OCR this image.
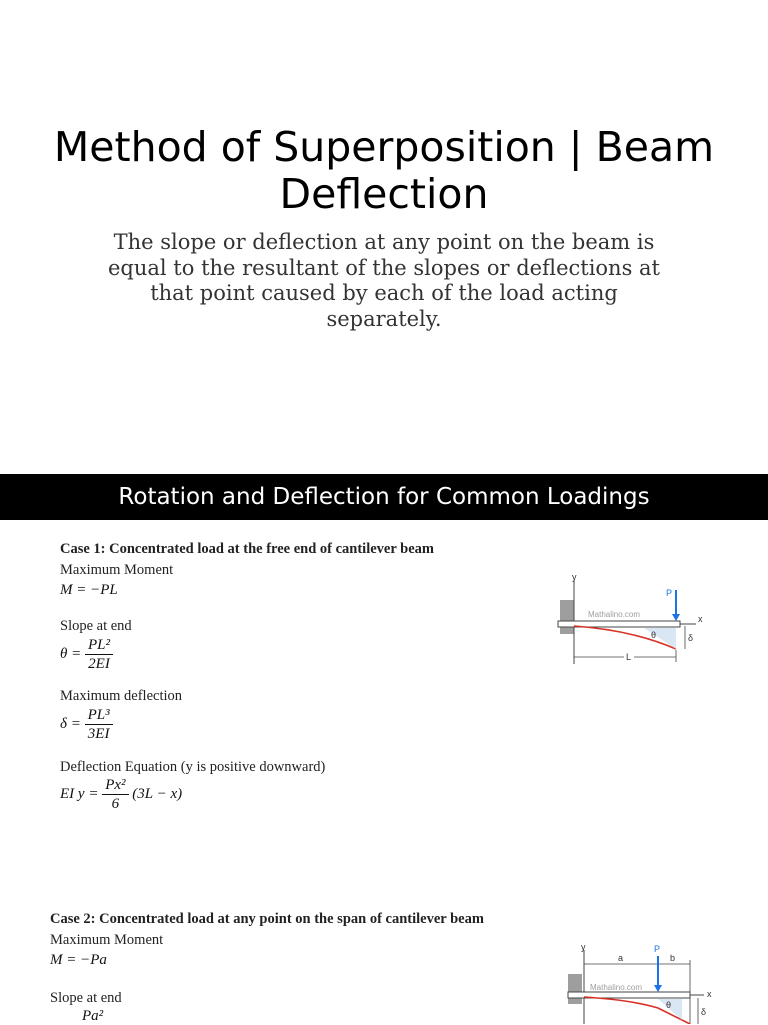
Method of Superposition | Beam Deflection
The slope or deflection at any point on the beam is equal to the resultant of the slopes or deflections at that point caused by each of the load acting separately.
Rotation and Deflection for Common Loadings
Case 1: Concentrated load at the free end of cantilever beam
Maximum Moment
M = −PL
Slope at end
$\theta = \frac{\text{PL²}}{2EI}$
Maximum deflection
$\delta = \frac{\text{PL³}}{3EI}$
Deflection Equation (y is positive downward)
EI $y = \frac{\text{Px²}}{6} (3L - x)$
y
x
Mathalino.com
θ
P
δ
L
Case 2: Concentrated load at any point on the span of cantilever beam
Maximum Moment
M = −Pa
Slope at end
Pa²
y
a	b
x
Mathalino.com
P
θ
δ
